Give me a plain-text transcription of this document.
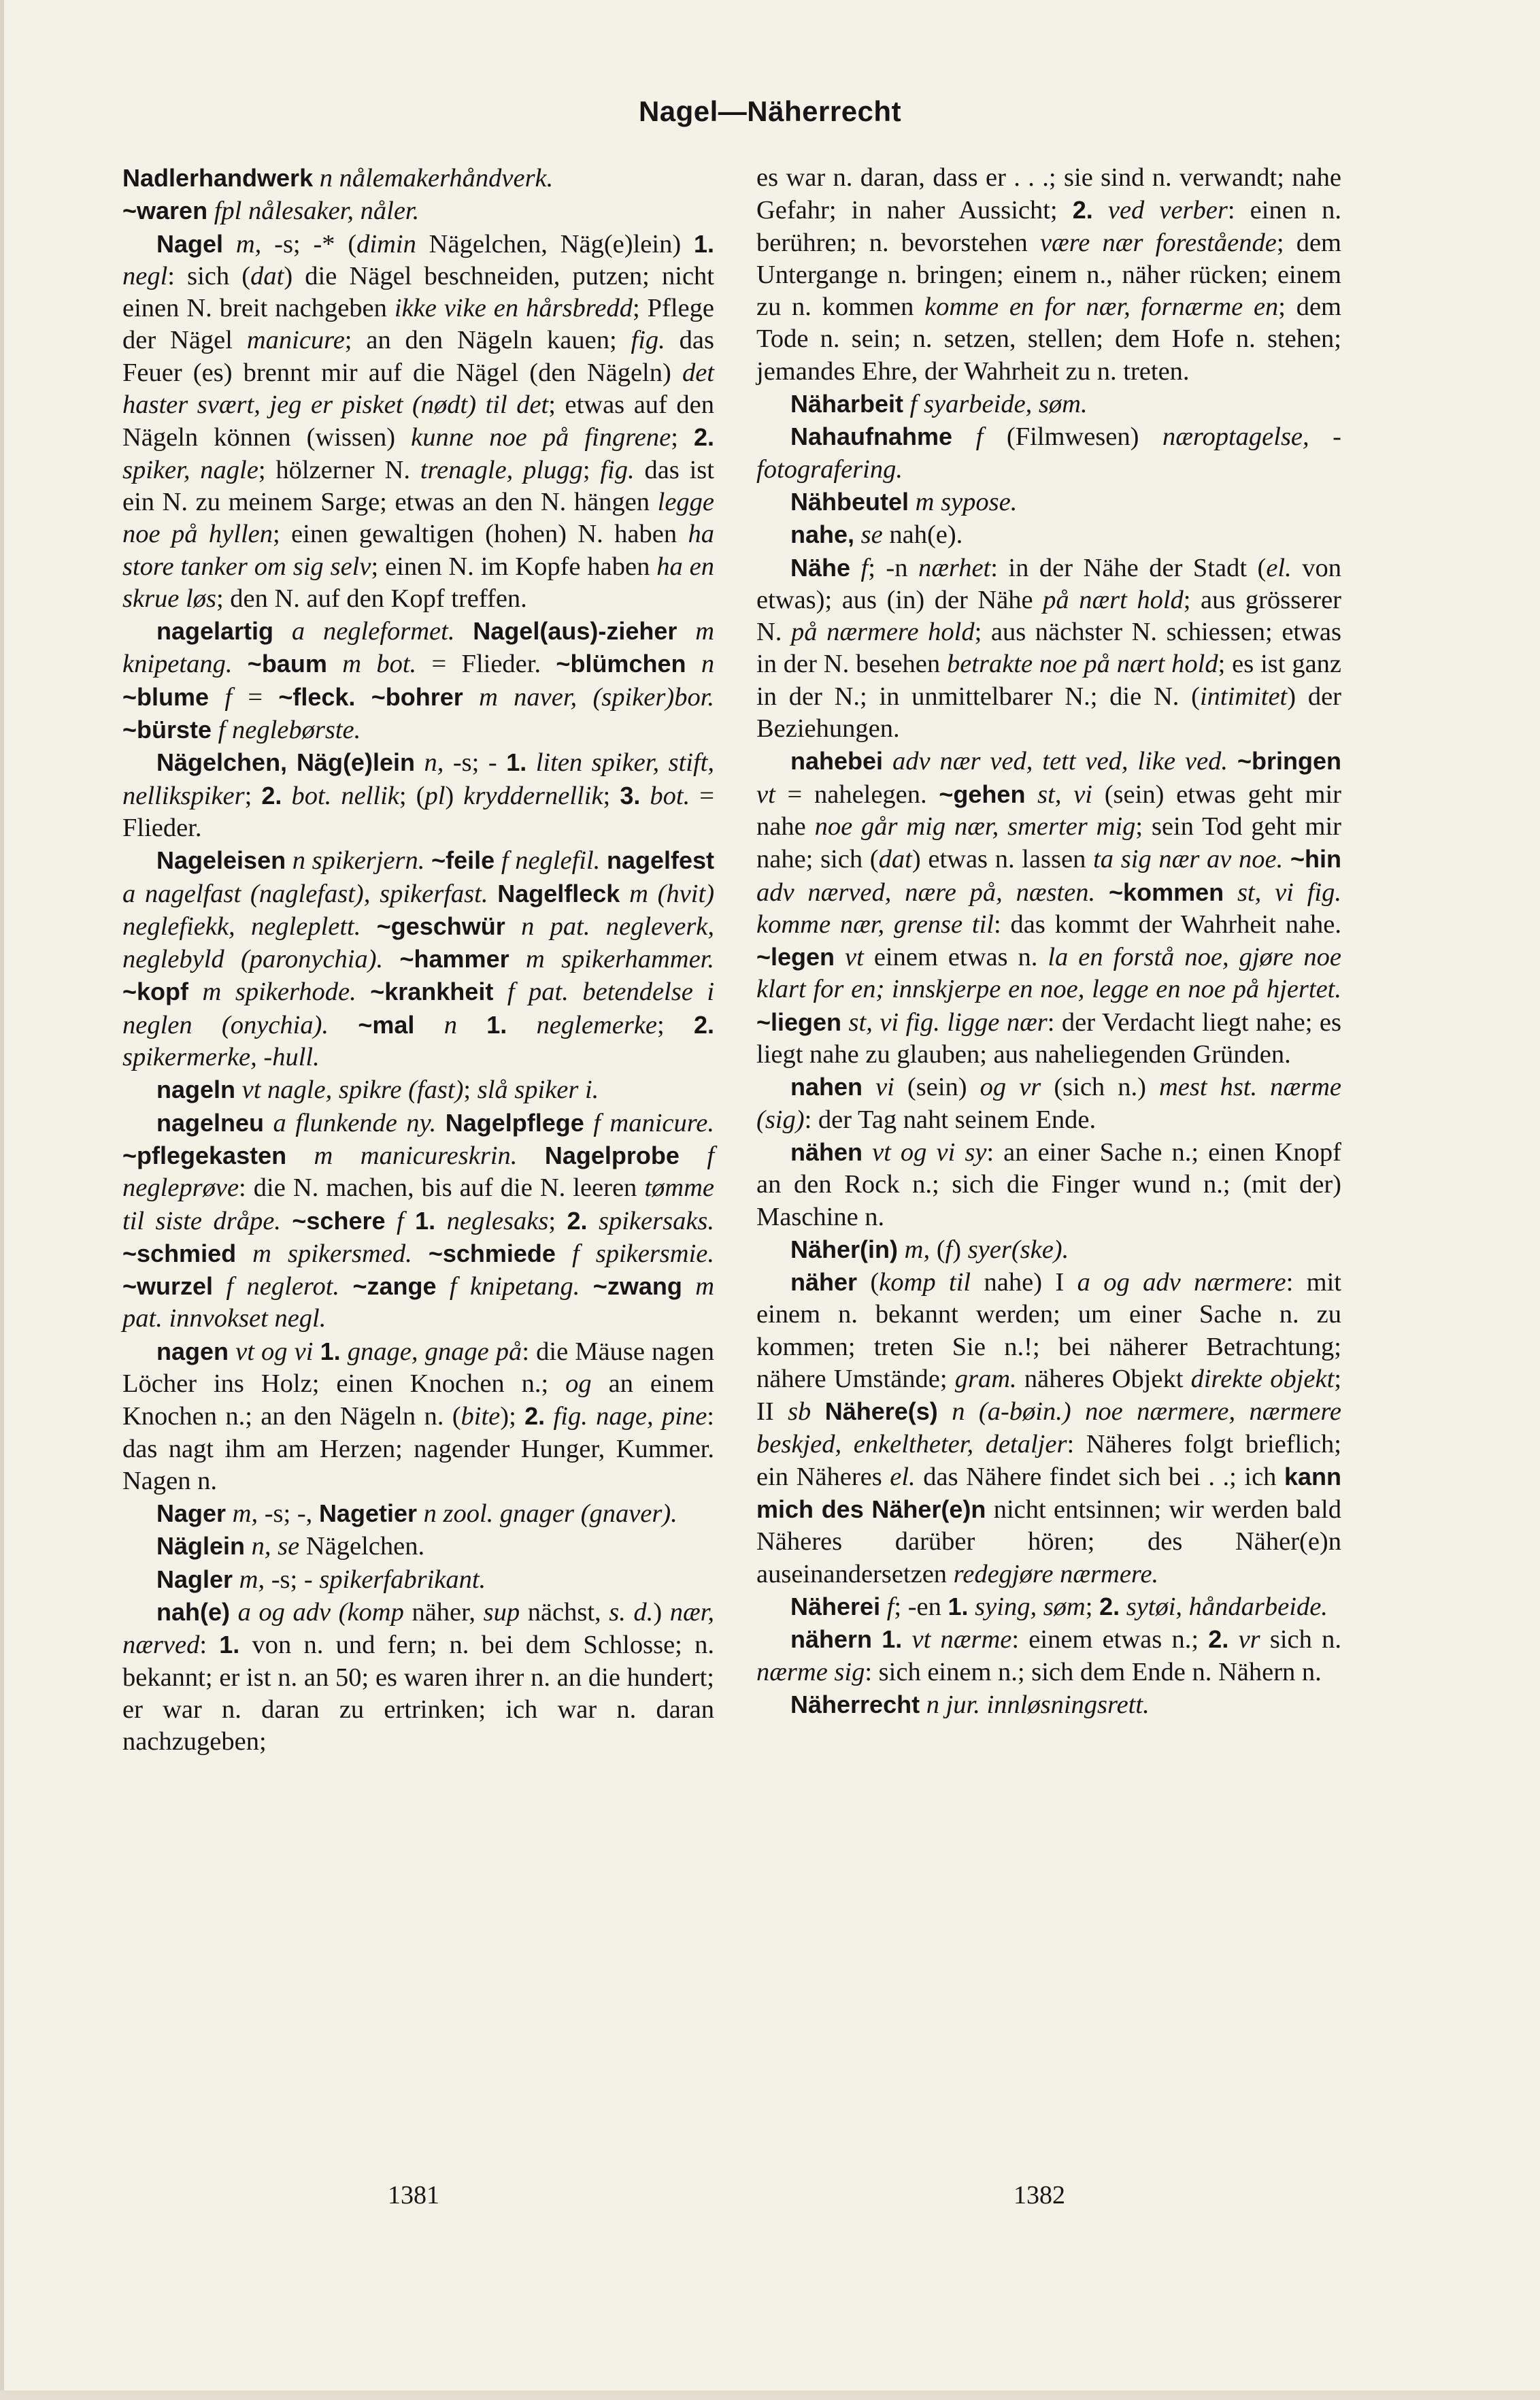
Nagel—Näherrecht

Nadlerhandwerk n nålemakerhåndverk.

~waren fpl nålesaker, nåler.

Nagel m, -s; -* (dimin Nägelchen, Näg(e)lein) 1. negl: sich (dat) die Nägel beschneiden, putzen; nicht einen N. breit nachgeben ikke vike en hårsbredd; Pflege der Nägel manicure; an den Nägeln kauen; fig. das Feuer (es) brennt mir auf die Nägel (den Nägeln) det haster svært, jeg er pisket (nødt) til det; etwas auf den Nägeln können (wissen) kunne noe på fingrene; 2. spiker, nagle; hölzerner N. trenagle, plugg; fig. das ist ein N. zu meinem Sarge; etwas an den N. hängen legge noe på hyllen; einen gewaltigen (hohen) N. haben ha store tanker om sig selv; einen N. im Kopfe haben ha en skrue løs; den N. auf den Kopf treffen.

nagelartig a negleformet. Nagel(aus)-zieher m knipetang. ~baum m bot. = Flieder. ~blümchen n ~blume f = ~fleck. ~bohrer m naver, (spiker)bor. ~bürste f neglebørste.

Nägelchen, Näg(e)lein n, -s; - 1. liten spiker, stift, nellikspiker; 2. bot. nellik; (pl) kryddernellik; 3. bot. = Flieder.

Nageleisen n spikerjern. ~feile f neglefil. nagelfest a nagelfast (naglefast), spikerfast. Nagelfleck m (hvit) neglefiekk, negleplett. ~geschwür n pat. negleverk, neglebyld (paronychia). ~hammer m spikerhammer. ~kopf m spikerhode. ~krankheit f pat. betendelse i neglen (onychia). ~mal n 1. neglemerke; 2. spikermerke, -hull.

nageln vt nagle, spikre (fast); slå spiker i.

nagelneu a flunkende ny. Nagelpflege f manicure. ~pflegekasten m manicureskrin. Nagelprobe f negleprøve: die N. machen, bis auf die N. leeren tømme til siste dråpe. ~schere f 1. neglesaks; 2. spikersaks. ~schmied m spikersmed. ~schmiede f spikersmie. ~wurzel f neglerot. ~zange f knipetang. ~zwang m pat. innvokset negl.

nagen vt og vi 1. gnage, gnage på: die Mäuse nagen Löcher ins Holz; einen Knochen n.; og an einem Knochen n.; an den Nägeln n. (bite); 2. fig. nage, pine: das nagt ihm am Herzen; nagender Hunger, Kummer. Nagen n.

Nager m, -s; -, Nagetier n zool. gnager (gnaver).

Näglein n, se Nägelchen.

Nagler m, -s; - spikerfabrikant.

nah(e) a og adv (komp näher, sup nächst, s. d.) nær, nærved: 1. von n. und fern; n. bei dem Schlosse; n. bekannt; er ist n. an 50; es waren ihrer n. an die hundert; er war n. daran zu ertrinken; ich war n. daran nachzugeben;

es war n. daran, dass er . . .; sie sind n. verwandt; nahe Gefahr; in naher Aussicht; 2. ved verber: einen n. berühren; n. bevorstehen være nær forestående; dem Untergange n. bringen; einem n., näher rücken; einem zu n. kommen komme en for nær, fornærme en; dem Tode n. sein; n. setzen, stellen; dem Hofe n. stehen; jemandes Ehre, der Wahrheit zu n. treten.

Näharbeit f syarbeide, søm.

Nahaufnahme f (Filmwesen) næroptagelse, -fotografering.

Nähbeutel m sypose.

nahe, se nah(e).

Nähe f; -n nærhet: in der Nähe der Stadt (el. von etwas); aus (in) der Nähe på nært hold; aus grösserer N. på nærmere hold; aus nächster N. schiessen; etwas in der N. besehen betrakte noe på nært hold; es ist ganz in der N.; in unmittelbarer N.; die N. (intimitet) der Beziehungen.

nahebei adv nær ved, tett ved, like ved. ~bringen vt = nahelegen. ~gehen st, vi (sein) etwas geht mir nahe noe går mig nær, smerter mig; sein Tod geht mir nahe; sich (dat) etwas n. lassen ta sig nær av noe. ~hin adv nærved, nære på, næsten. ~kommen st, vi fig. komme nær, grense til: das kommt der Wahrheit nahe. ~legen vt einem etwas n. la en forstå noe, gjøre noe klart for en; innskjerpe en noe, legge en noe på hjertet. ~liegen st, vi fig. ligge nær: der Verdacht liegt nahe; es liegt nahe zu glauben; aus naheliegenden Gründen.

nahen vi (sein) og vr (sich n.) mest hst. nærme (sig): der Tag naht seinem Ende.

nähen vt og vi sy: an einer Sache n.; einen Knopf an den Rock n.; sich die Finger wund n.; (mit der) Maschine n.

Näher(in) m, (f) syer(ske).

näher (komp til nahe) I a og adv nærmere: mit einem n. bekannt werden; um einer Sache n. zu kommen; treten Sie n.!; bei näherer Betrachtung; nähere Umstände; gram. näheres Objekt direkte objekt; II sb Nähere(s) n (a-bøin.) noe nærmere, nærmere beskjed, enkeltheter, detaljer: Näheres folgt brieflich; ein Näheres el. das Nähere findet sich bei . .; ich kann mich des Näher(e)n nicht entsinnen; wir werden bald Näheres darüber hören; des Näher(e)n auseinandersetzen redegjøre nærmere.

Näherei f; -en 1. sying, søm; 2. sytøi, håndarbeide.

nähern 1. vt nærme: einem etwas n.; 2. vr sich n. nærme sig: sich einem n.; sich dem Ende n. Nähern n.

Näherrecht n jur. innløsningsrett.

1381	1382
